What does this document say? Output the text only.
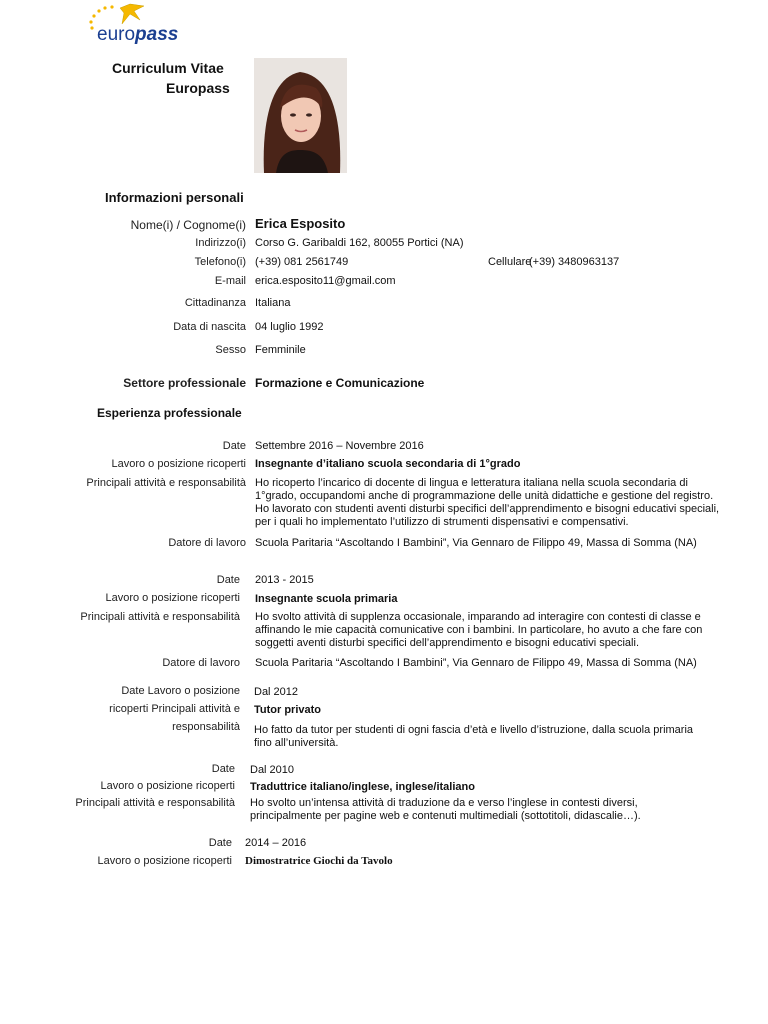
europass
Curriculum Vitae
Europass
Informazioni personali
Nome(i) / Cognome(i) Erica Esposito
Indirizzo(i) Corso G. Garibaldi 162, 80055 Portici (NA)
Telefono(i) (+39) 081 2561749	Cellulare
(+39) 3480963137
E-mail erica.esposito11@gmail.com
Cittadinanza Italiana
Data di nascita 04 luglio 1992
Sesso Femminile
Settore professionale Formazione e Comunicazione
Esperienza professionale
Date Settembre 2016 – Novembre 2016
Lavoro o posizione ricoperti Insegnante d’italiano scuola secondaria di 1°grado
Principali attività e responsabilità Ho ricoperto l’incarico di docente di lingua e letteratura italiana nella scuola secondaria di 1°grado, occupandomi anche di programmazione delle unità didattiche e gestione del registro. Ho lavorato con studenti aventi disturbi specifici dell’apprendimento e bisogni educativi speciali, per i quali ho implementato l’utilizzo di strumenti dispensativi e compensativi.
Datore di lavoro Scuola Paritaria “Ascoltando I Bambini”, Via Gennaro de Filippo 49, Massa di Somma (NA)
Date 2013 - 2015
Lavoro o posizione ricoperti Insegnante scuola primaria
Principali attività e responsabilità Ho svolto attività di supplenza occasionale, imparando ad interagire con contesti di classe e affinando le mie capacità comunicative con i bambini. In particolare, ho avuto a che fare con soggetti aventi disturbi specifici dell’apprendimento e bisogni educativi speciali.
Datore di lavoro Scuola Paritaria “Ascoltando I Bambini”, Via Gennaro de Filippo 49, Massa di Somma (NA)
Date Lavoro o posizione
ricoperti Principali attività e
responsabilità
Dal 2012
Tutor privato
Ho fatto da tutor per studenti di ogni fascia d’età e livello d’istruzione, dalla scuola primaria fino all’università.
Date Dal 2010
Lavoro o posizione ricoperti Traduttrice italiano/inglese, inglese/italiano
Principali attività e responsabilità Ho svolto un’intensa attività di traduzione da e verso l’inglese in contesti diversi, principalmente per pagine web e contenuti multimediali (sottotitoli, didascalie…).
Date 2014 – 2016
Lavoro o posizione ricoperti Dimostratrice Giochi da Tavolo
